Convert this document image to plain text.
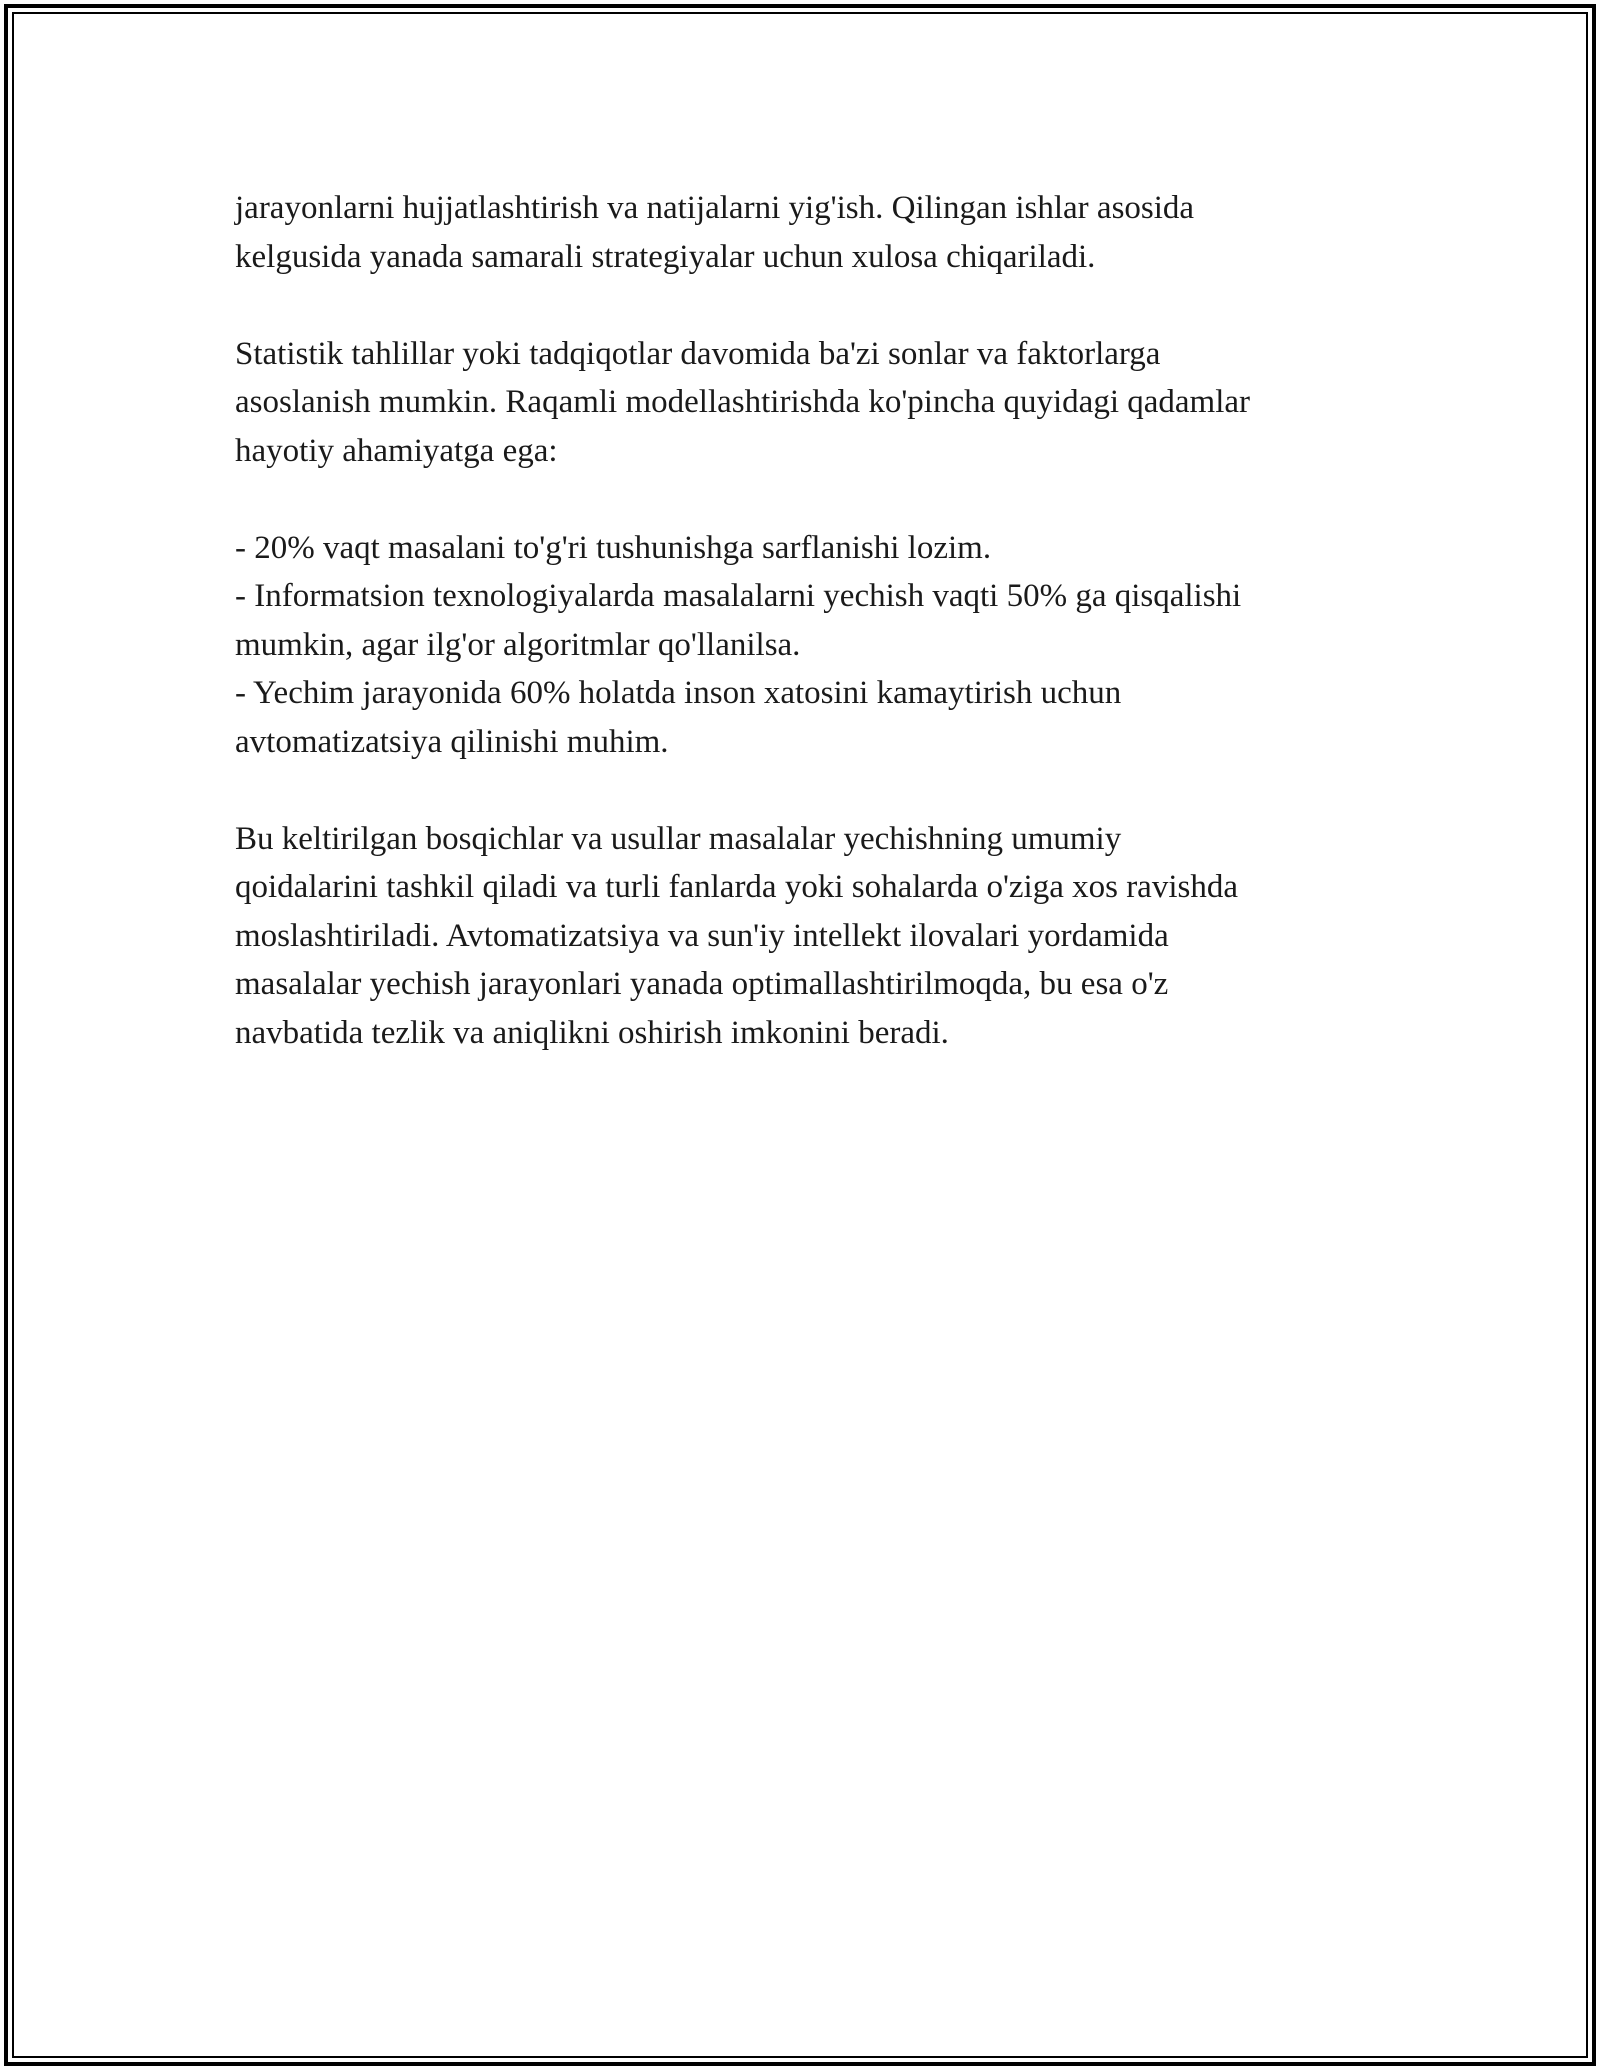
jarayonlarni hujjatlashtirish va natijalarni yig'ish. Qilingan ishlar asosida
kelgusida yanada samarali strategiyalar uchun xulosa chiqariladi.

Statistik tahlillar yoki tadqiqotlar davomida ba'zi sonlar va faktorlarga
asoslanish mumkin. Raqamli modellashtirishda ko'pincha quyidagi qadamlar
hayotiy ahamiyatga ega:

- 20% vaqt masalani to'g'ri tushunishga sarflanishi lozim.
- Informatsion texnologiyalarda masalalarni yechish vaqti 50% ga qisqalishi
mumkin, agar ilg'or algoritmlar qo'llanilsa.
- Yechim jarayonida 60% holatda inson xatosini kamaytirish uchun
avtomatizatsiya qilinishi muhim.

Bu keltirilgan bosqichlar va usullar masalalar yechishning umumiy
qoidalarini tashkil qiladi va turli fanlarda yoki sohalarda o'ziga xos ravishda
moslashtiriladi. Avtomatizatsiya va sun'iy intellekt ilovalari yordamida
masalalar yechish jarayonlari yanada optimallashtirilmoqda, bu esa o'z
navbatida tezlik va aniqlikni oshirish imkonini beradi.
